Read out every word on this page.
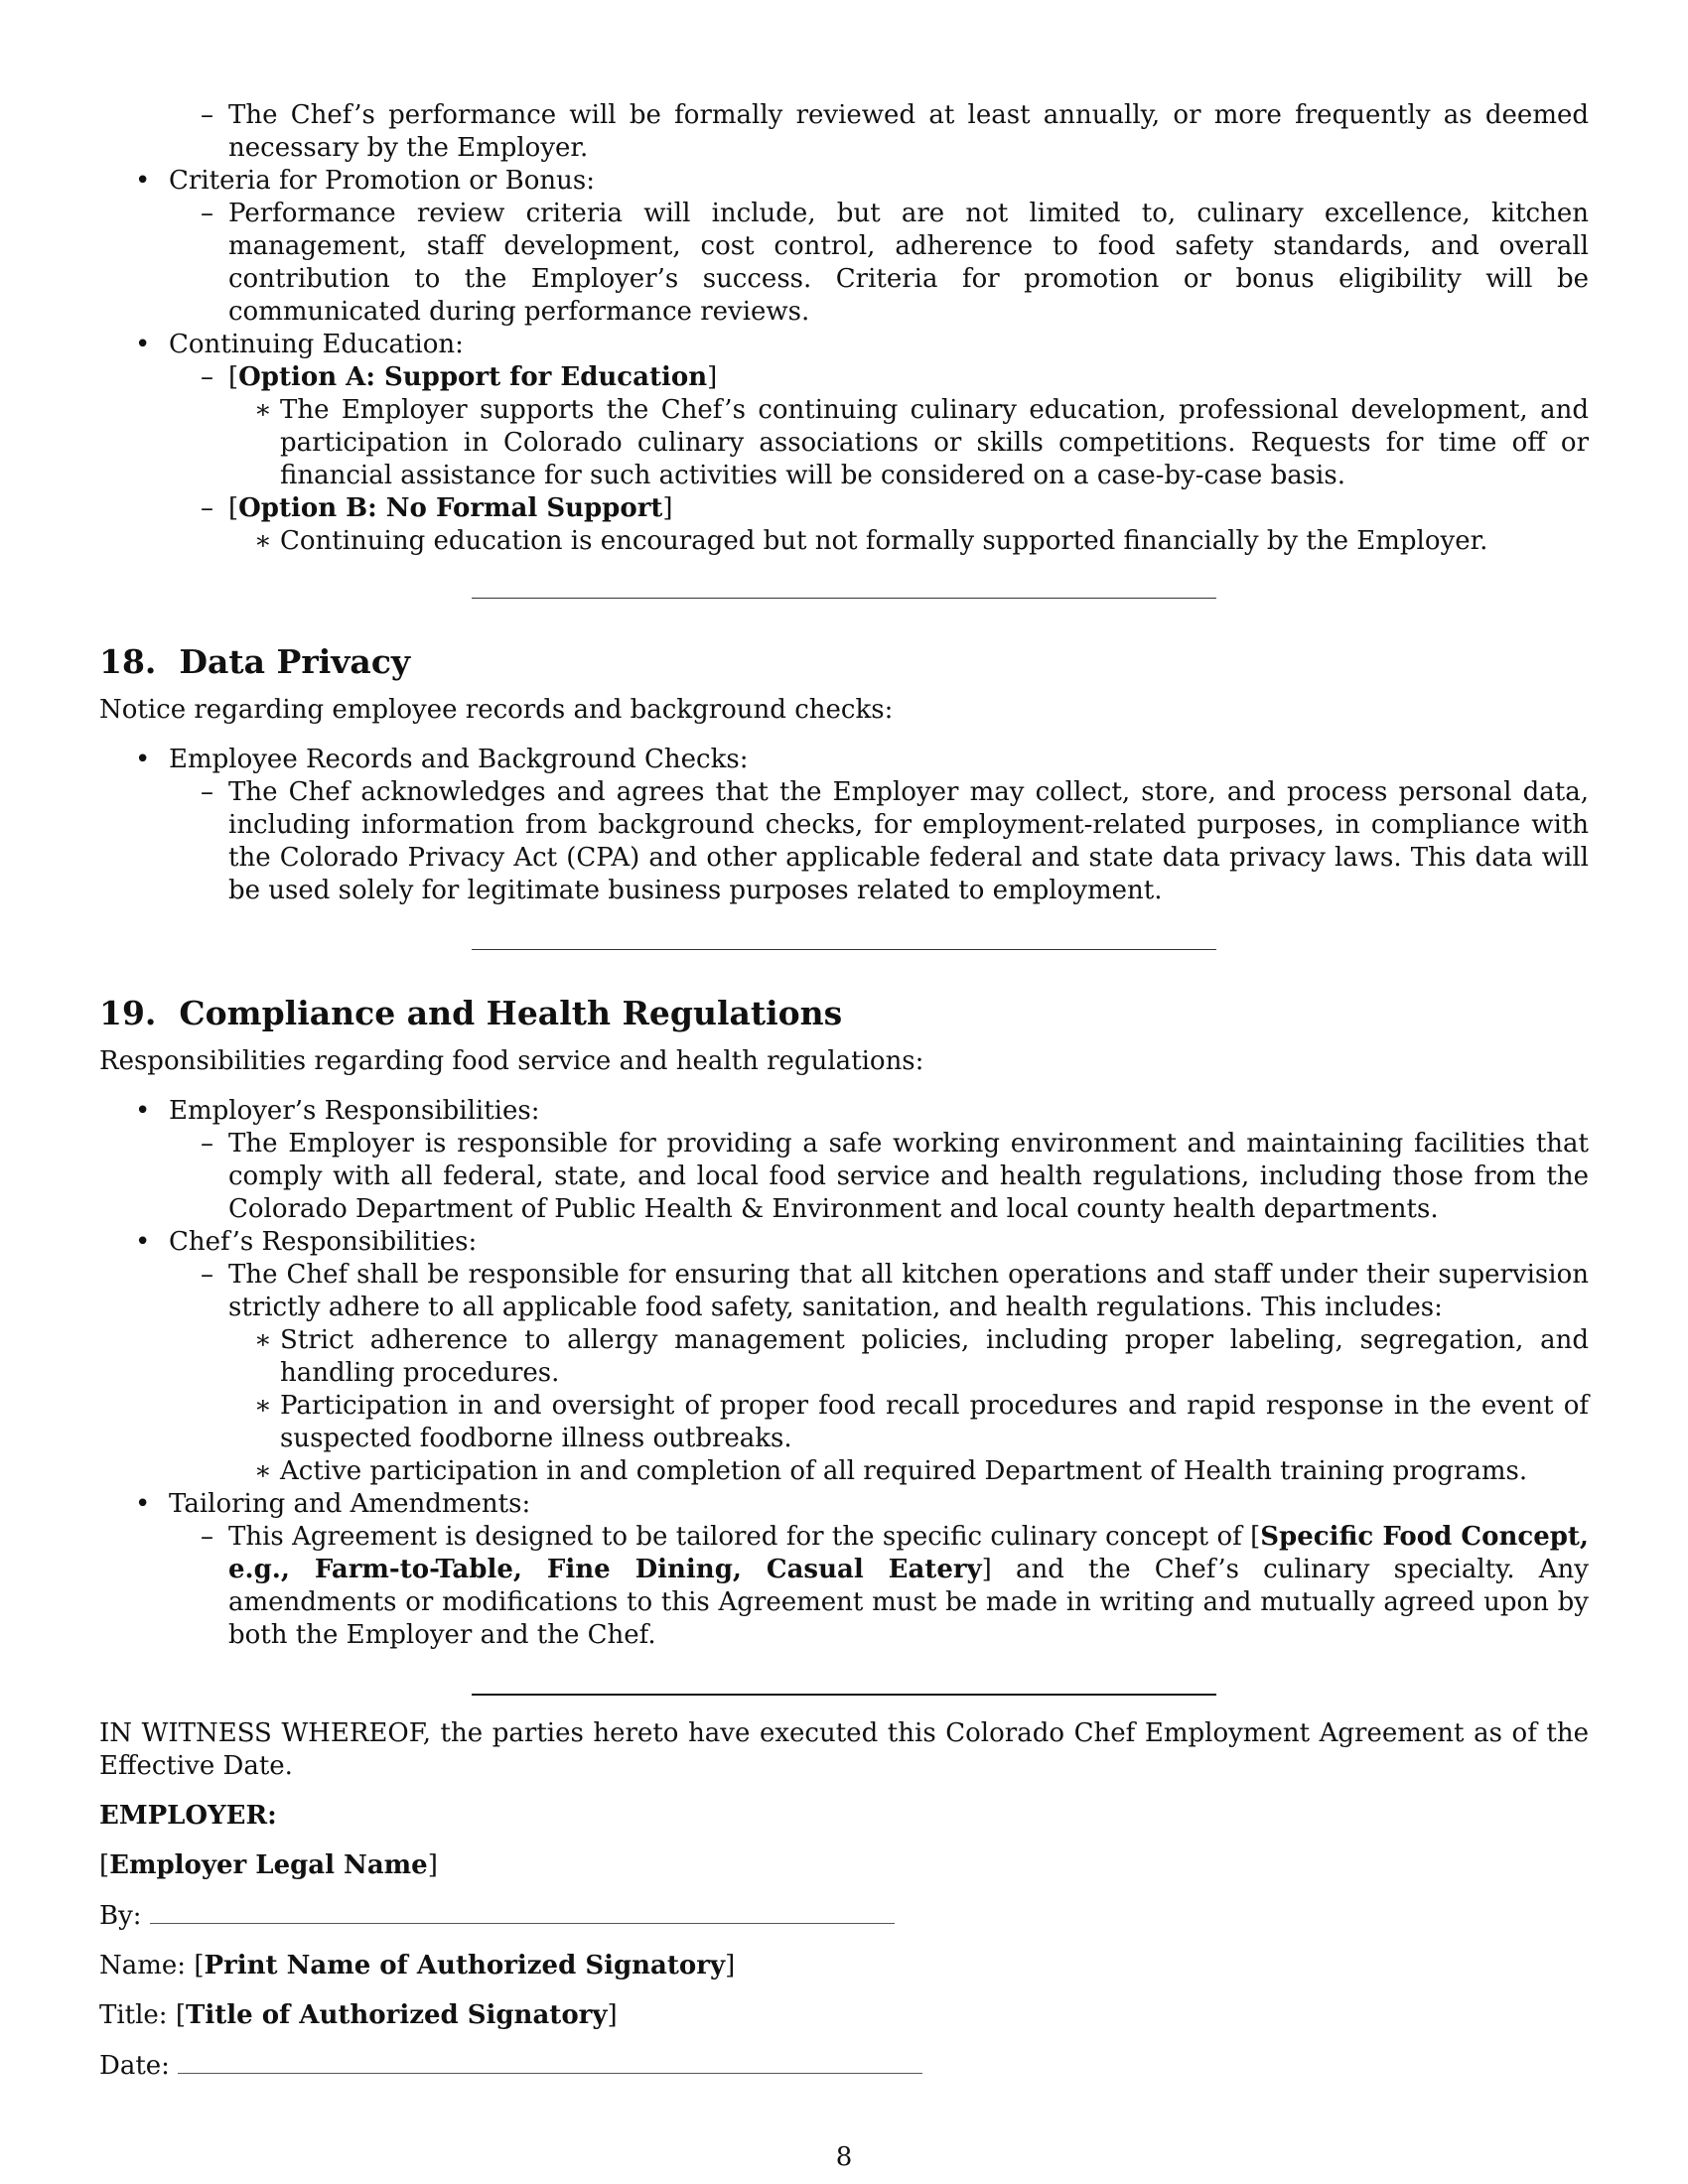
– The Chef’s performance will be formally reviewed at least annually, or more frequently as deemed necessary by the Employer.
• Criteria for Promotion or Bonus:
– Performance review criteria will include, but are not limited to, culinary excellence, kitchen management, staff development, cost control, adherence to food safety standards, and overall contribution to the Employer’s success. Criteria for promotion or bonus eligibility will be communicated during performance reviews.
• Continuing Education:
– [Option A: Support for Education]
∗ The Employer supports the Chef’s continuing culinary education, professional development, and participation in Colorado culinary associations or skills competitions. Requests for time off or financial assistance for such activities will be considered on a case-by-case basis.
– [Option B: No Formal Support]
∗ Continuing education is encouraged but not formally supported financially by the Employer.
18. Data Privacy
Notice regarding employee records and background checks:
• Employee Records and Background Checks:
– The Chef acknowledges and agrees that the Employer may collect, store, and process personal data, including information from background checks, for employment-related purposes, in compliance with the Colorado Privacy Act (CPA) and other applicable federal and state data privacy laws. This data will be used solely for legitimate business purposes related to employment.
19. Compliance and Health Regulations
Responsibilities regarding food service and health regulations:
• Employer’s Responsibilities:
– The Employer is responsible for providing a safe working environment and maintaining facilities that comply with all federal, state, and local food service and health regulations, including those from the Colorado Department of Public Health & Environment and local county health departments.
• Chef’s Responsibilities:
– The Chef shall be responsible for ensuring that all kitchen operations and staff under their supervision strictly adhere to all applicable food safety, sanitation, and health regulations. This includes:
∗ Strict adherence to allergy management policies, including proper labeling, segregation, and handling procedures.
∗ Participation in and oversight of proper food recall procedures and rapid response in the event of suspected foodborne illness outbreaks.
∗ Active participation in and completion of all required Department of Health training programs.
• Tailoring and Amendments:
– This Agreement is designed to be tailored for the specific culinary concept of [Specific Food Concept, e.g., Farm-to-Table, Fine Dining, Casual Eatery] and the Chef’s culinary specialty. Any amendments or modifications to this Agreement must be made in writing and mutually agreed upon by both the Employer and the Chef.
IN WITNESS WHEREOF, the parties hereto have executed this Colorado Chef Employment Agreement as of the Effective Date.
EMPLOYER:
[Employer Legal Name]
By:
Name: [Print Name of Authorized Signatory]
Title: [Title of Authorized Signatory]
Date:
8
